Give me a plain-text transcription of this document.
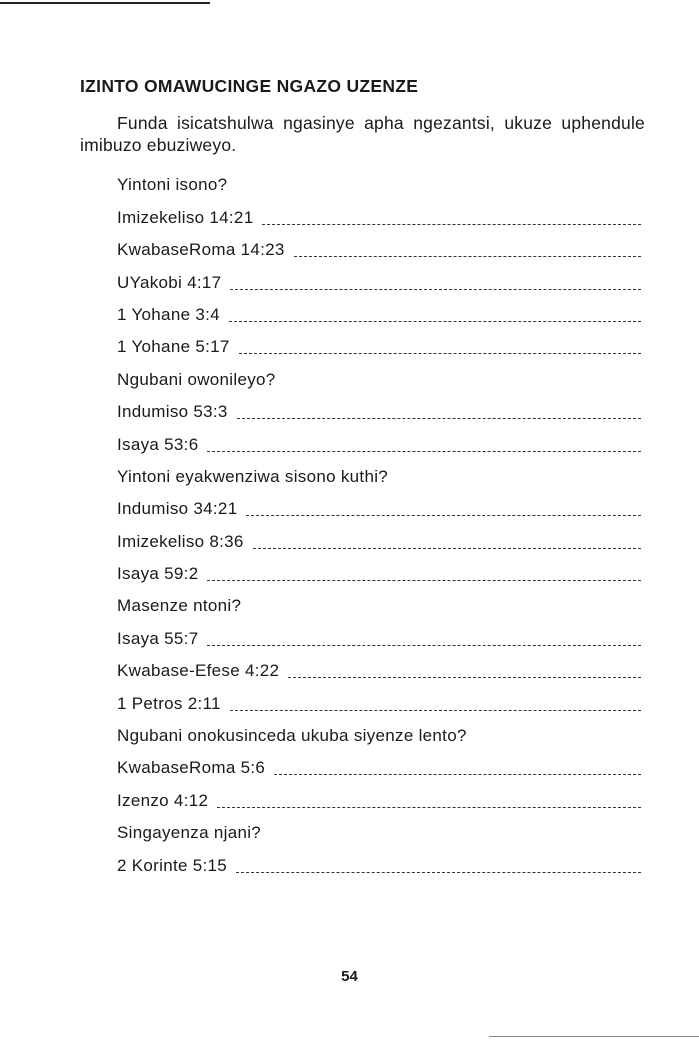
IZINTO OMAWUCINGE NGAZO UZENZE
Funda isicatshulwa ngasinye apha ngezantsi, ukuze uphendule imibuzo ebuziweyo.
Yintoni isono?
Imizekeliso 14:21
KwabaseRoma 14:23
UYakobi 4:17
1 Yohane 3:4
1 Yohane 5:17
Ngubani owonileyo?
Indumiso 53:3
Isaya 53:6
Yintoni eyakwenziwa sisono kuthi?
Indumiso 34:21
Imizekeliso 8:36
Isaya 59:2
Masenze ntoni?
Isaya 55:7
Kwabase-Efese 4:22
1 Petros 2:11
Ngubani onokusinceda ukuba siyenze lento?
KwabaseRoma 5:6
Izenzo 4:12
Singayenza njani?
2 Korinte 5:15
54
